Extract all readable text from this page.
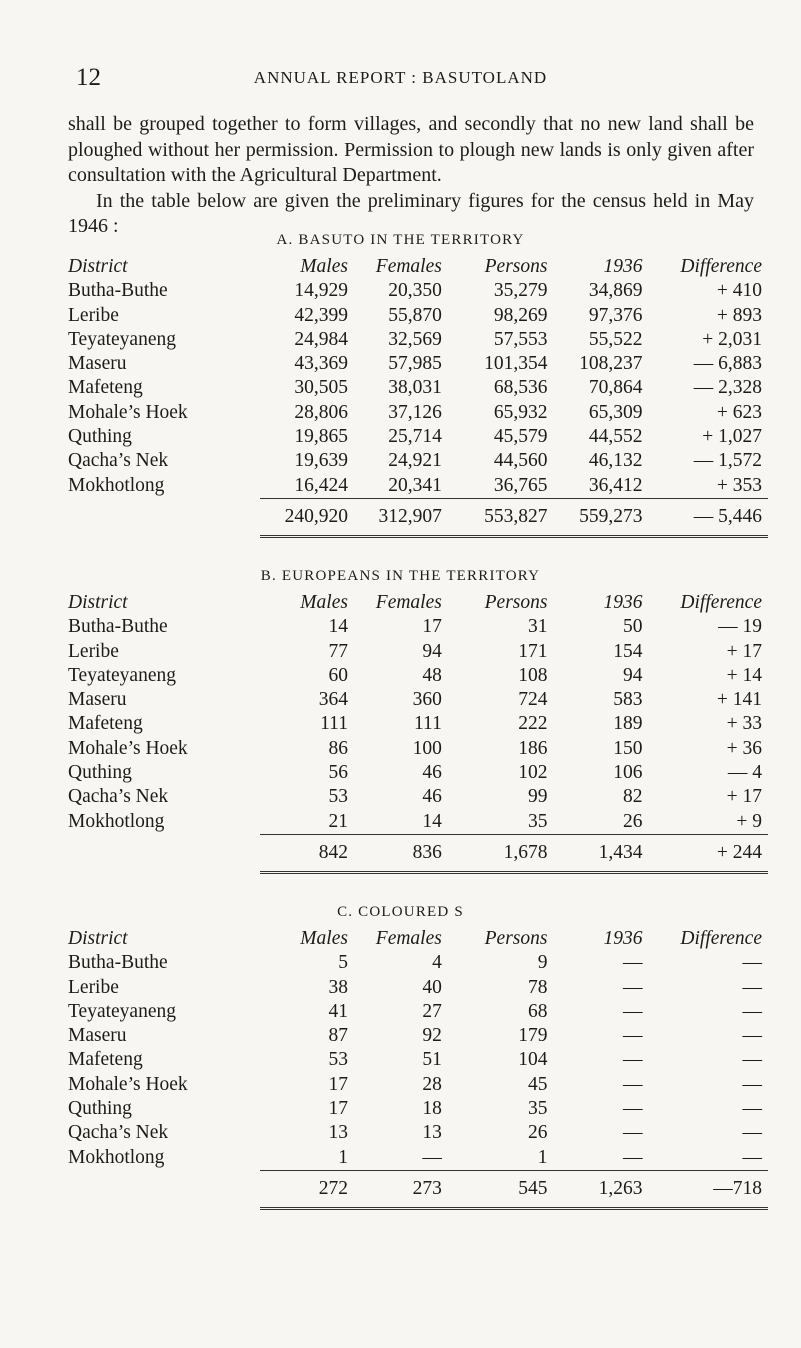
12	ANNUAL REPORT : BASUTOLAND

shall be grouped together to form villages, and secondly that no new land shall be ploughed without her permission. Permission to plough new lands is only given after consultation with the Agricultural Department.

In the table below are given the preliminary figures for the census held in May 1946 :

A. BASUTO IN THE TERRITORY
District	Males	Females	Persons	1936	Difference
Butha-Buthe	14,929	20,350	35,279	34,869	+ 410
Leribe	42,399	55,870	98,269	97,376	+ 893
Teyateyaneng	24,984	32,569	57,553	55,522	+ 2,031
Maseru	43,369	57,985	101,354	108,237	— 6,883
Mafeteng	30,505	38,031	68,536	70,864	— 2,328
Mohale’s Hoek	28,806	37,126	65,932	65,309	+ 623
Quthing	19,865	25,714	45,579	44,552	+ 1,027
Qacha’s Nek	19,639	24,921	44,560	46,132	— 1,572
Mokhotlong	16,424	20,341	36,765	36,412	+ 353
	240,920	312,907	553,827	559,273	— 5,446
B. EUROPEANS IN THE TERRITORY
District	Males	Females	Persons	1936	Difference
Butha-Buthe	14	17	31	50	— 19
Leribe	77	94	171	154	+ 17
Teyateyaneng	60	48	108	94	+ 14
Maseru	364	360	724	583	+ 141
Mafeteng	111	111	222	189	+ 33
Mohale’s Hoek	86	100	186	150	+ 36
Quthing	56	46	102	106	— 4
Qacha’s Nek	53	46	99	82	+ 17
Mokhotlong	21	14	35	26	+ 9
	842	836	1,678	1,434	+ 244
C. COLOURED S
District	Males	Females	Persons	1936	Difference
Butha-Buthe	5	4	9	—	—
Leribe	38	40	78	—	—
Teyateyaneng	41	27	68	—	—
Maseru	87	92	179	—	—
Mafeteng	53	51	104	—	—
Mohale’s Hoek	17	28	45	—	—
Quthing	17	18	35	—	—
Qacha’s Nek	13	13	26	—	—
Mokhotlong	1	—	1	—	—
	272	273	545	1,263	—718
